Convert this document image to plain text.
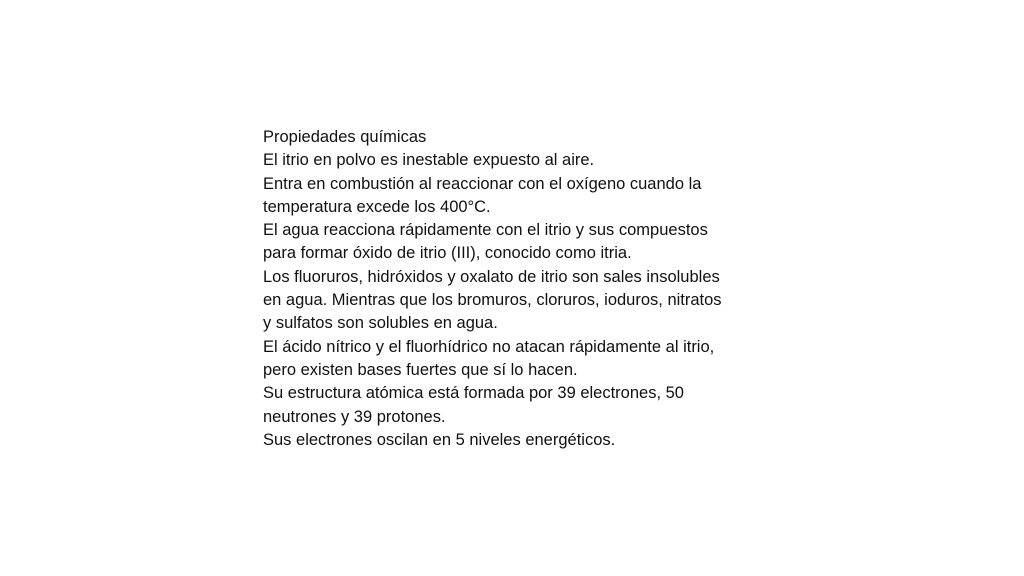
Propiedades químicas
El itrio en polvo es inestable expuesto al aire.
Entra en combustión al reaccionar con el oxígeno cuando la
temperatura excede los 400°C.
El agua reacciona rápidamente con el itrio y sus compuestos
para formar óxido de itrio (III), conocido como itria.
Los fluoruros, hidróxidos y oxalato de itrio son sales insolubles
en agua. Mientras que los bromuros, cloruros, ioduros, nitratos
y sulfatos son solubles en agua.
El ácido nítrico y el fluorhídrico no atacan rápidamente al itrio,
pero existen bases fuertes que sí lo hacen.
Su estructura atómica está formada por 39 electrones, 50
neutrones y 39 protones.
Sus electrones oscilan en 5 niveles energéticos.
